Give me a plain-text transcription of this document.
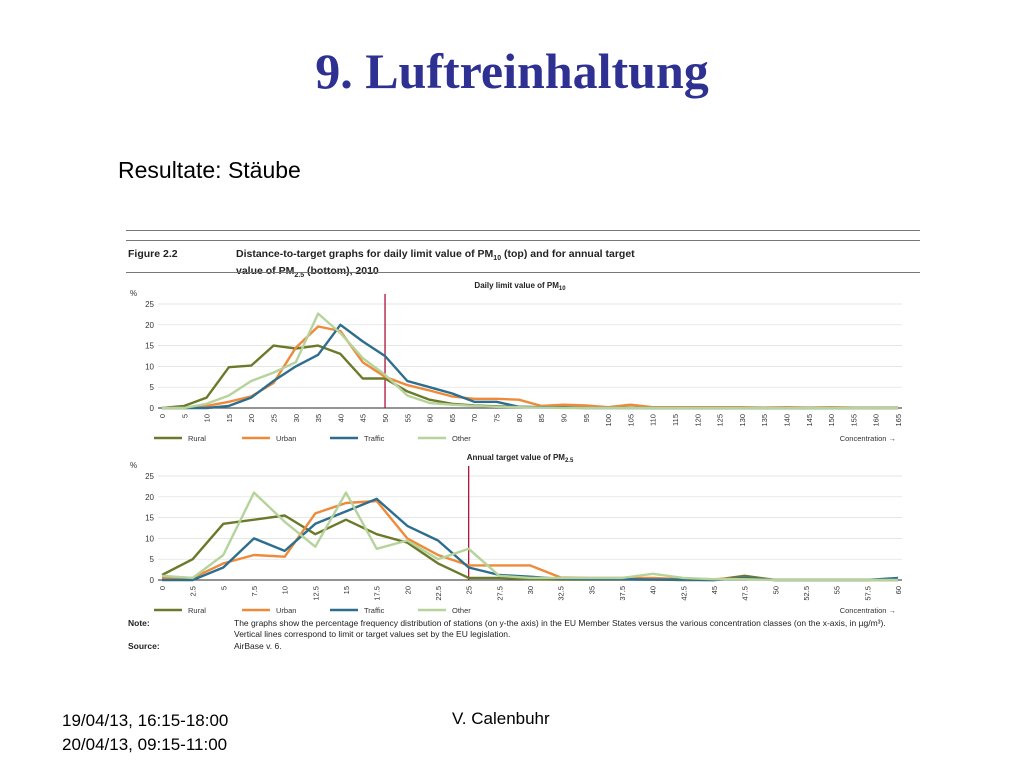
9. Luftreinhaltung

Resultate: Stäube

Figure 2.2	Distance-to-target graphs for daily limit value of $PM_{10}$ (top) and for annual target
value of $PM_{2.5}$ (bottom), 2010
Daily limit value of $PM_{10}$
%
0
5
10
15
20
25
0 5 10 15 20 25 30 35 40 45 50 55 60 65 70 75 80 85 90 95 100 105 110 115 120 125 130 135 140 145 150 155 160 165
Rural	Urban	Traffic	Other	Concentration →
Annual target value of $PM_{2.5}$
%
0
5
10
15
20
25
0	2.5	5	7.5	10	12.5	15	17.5	20	22.5	25	27.5	30	32.5	35	37.5	40	42.5	45	47.5	50	52.5	55	57.5	60
Rural	Urban	Traffic	Other	Concentration →
Note:	The graphs show the percentage frequency distribution of stations (on y-the axis) in the EU Member States versus the various concentration classes (on the x-axis, in µg/m³).
Vertical lines correspond to limit or target values set by the EU legislation.
Source:	AirBase v. 6.
19/04/13, 16:15-18:00
20/04/13, 09:15-11:00
V. Calenbuhr
